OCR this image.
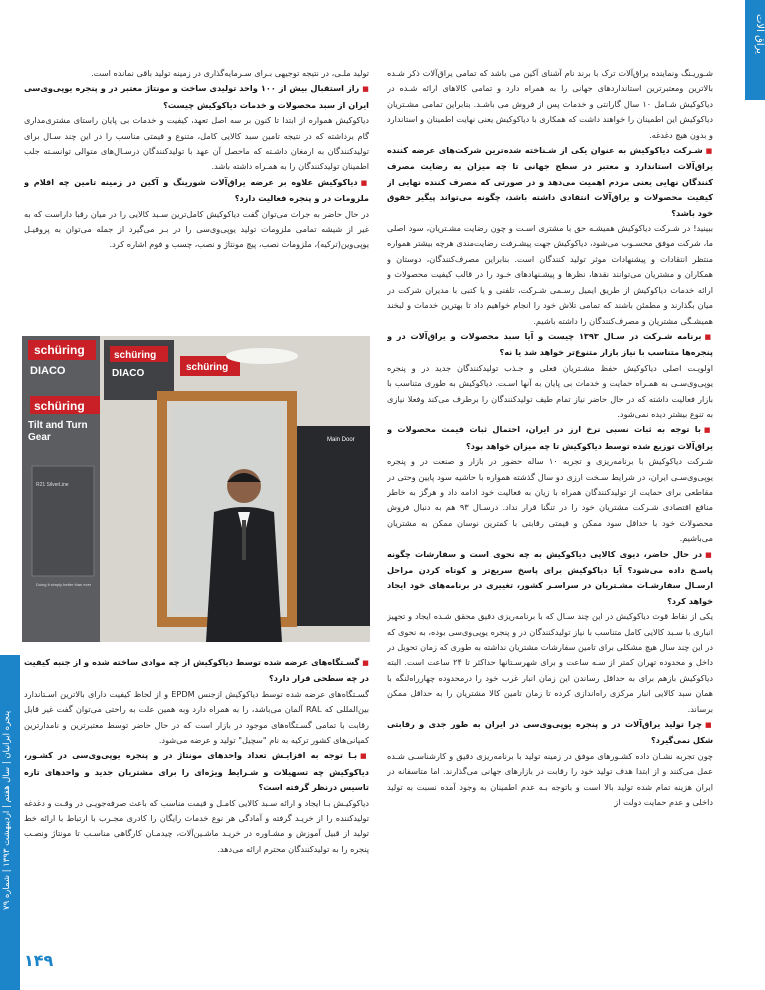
یراق آلات

شـوریـنگ ونماینده یراق‌آلات ترک با برند نام آشنای آکین می باشد که تمامی یراق‌آلات ذکر شـده بالاترین ومعتبرترین استانداردهای جهانی را به همراه دارد و تمامی کالاهای ارائه شـده در دیاکوکیش شـامل ۱۰ سال گارانتی و خدمات پس از فروش می باشـد. بنابراین تمامی مشـتریان دیاکوکیش این اطمینان را خواهند داشت که همکاری با دیاکوکیش یعنی نهایت اطمینان و استاندارد و بدون هیچ دغدغه.

■ شـرکت دیاکوکیش به عنوان یکی از شـناخته شده‌ترین شرکت‌های عرضه کننده یراق‌آلات استاندارد و معتبر در سطح جهانی تا چه میزان به رضایت مصرف کنندگان نهایی یعنی مردم اهمیت می‌دهد و در صورتی که مصرف کننده نهایی از کیفیت محصولات و یراق‌آلات انتقادی داشته باشد، چگونه می‌تواند پیگیر حقوق خود باشد؟

ببینید! در شـرکت دیاکوکیش همیشـه حق با مشتری اسـت و چون رضایت مشـتریان، سود اصلی ما، شرکت موفق محسـوب می‌شود، دیاکوکیش جهت پیشـرفت رضایت‌مندی هرچه بیشتر همواره منتظر انتقادات و پیشنهادات موثر تولید کنندگان است. بنابراین مصرف‌کنندگان، دوستان و همکاران و مشتریان می‌توانند نقدها، نظرها و پیشـنهادهای خـود را در قالب کیفیت محصولات و ارائه خدمات دیاکوکیش از طریق ایمیل رسـمی شـرکت، تلفنی و یا کتبی با مدیران شرکت در میان بگذارند و مطمئن باشند که تمامی تلاش خود را انجام خواهیم داد تا بهترین خدمات و لبخند همیشـگی مشتریان و مصرف‌کنندگان را داشته باشیم.

■ برنامه شـرکت در سـال ۱۳۹۳ چیست و آیا سبد محصولات و یراق‌آلات در و پنجره‌ها متناسب با نیاز بازار متنوع‌تر خواهد شد یا نه؟

اولویـت اصلی دیاکوکیش حفظ مشـتریان فعلی و جـذب تولیدکنندگان جدید در و پنجره یوپی‌وی‌سـی به همـراه حمایت و خدمات بی پایان به آنها اسـت. دیاکوکیش به طوری متناسب با بازار فعالیت داشته که در حال حاضر نیاز تمام طیف تولیدکنندگان را برطرف می‌کند وفعلا نیازی به تنوع بیشتر دیده نمی‌شود.

■ با توجه به ثبات نسبی نرخ ارز در ایران، احتمال ثبات قیمت محصولات و یراق‌آلات توزیع شده توسط دیاکوکیش تا چه میزان خواهد بود؟

شـرکت دیاکوکیش با برنامه‌ریزی و تجربه ۱۰ ساله حضور در بازار و صنعت در و پنجره یوپی‌وی‌سـی ایران، در شرایط سـخت ارزی دو سال گذشته همواره با حاشیه سود پایین وحتی در مقاطعی برای حمایت از تولیدکنندگان همراه با زیان به فعالیت خود ادامه داد و هرگز به خاطر منافع اقتصادی شـرکت مشتریان خود را در تنگنا قرار نداد. درسـال ۹۳ هم به دنبال فروش محصولات خود با حداقل سود ممکن و قیمتی رقابتی با کمترین نوسان ممکن به مشتریان می‌باشیم.

■ در حال حاضر، دیوی کالایی دیاکوکیش به چه نحوی است و سفارشات چگونه پاسـخ داده می‌شود؟ آیا دیاکوکیش برای پاسخ سریع‌تر و کوتاه کردن مراحل ارسـال سفارشـات مشـتریان در سراسـر کشور، تغییری در برنامه‌های خود ایجاد خواهد کرد؟

یکی از نقاط قوت دیاکوکیش در این چند سـال که با برنامه‌ریزی دقیق محقق شـده ایجاد و تجهیز انباری با سـبد کالایی کامل متناسب با نیاز تولیدکنندگان در و پنجره یوپی‌وی‌سی بوده، به نحوی که در این چند سال هیچ مشکلی برای تامین سفارشات مشتریان نداشته به طوری که زمان تحویل در داخل و محدوده تهران کمتر از سـه ساعت و برای شهرسـتانها حداکثر تا ۲۴ ساعت است. البته دیاکوکیش بازهم برای به حداقل رساندن این زمان انبار غرب خود را درمحدوده چهارراه‌لنگه با همان سبد کالایی انبار مرکزی راه‌اندازی کرده تا زمان تامین کالا مشتریان را به حداقل ممکن برساند.

■ چرا تولید یراق‌آلات در و پنجره یوپی‌وی‌سی در ایران به طور جدی و رقابتی شکل نمی‌گیرد؟

چون تجربه نشـان داده کشـورهای موفق در زمینه تولید با برنامه‌ریزی دقیق و کارشناسـی شـده عمل می‌کنند و از ابتدا هدف تولید خود را رقابت در بازارهای جهانی می‌گذارند. اما متاسفانه در ایران هزینه تمام شده تولید بالا است و باتوجه بـه عدم اطمینان به وجود آمده نسبت به تولید داخلی و عدم حمایت دولت از

تولید ملـی، در نتیجه توجیهی بـرای سـرمایه‌گذاری در زمینه تولید باقی نمانده است.

■ راز استقبال بیش از ۱۰۰ واحد تولیدی ساخت و مونتاژ معتبر در و پنجره یوپی‌وی‌سی ایران از سبد محصولات و خدمات دیاکوکیش چیست؟

دیاکوکیش همواره از ابتدا تا کنون بر سه اصل تعهد، کیفیت و خدمات بی پایان راستای مشتری‌مداری گام برداشته که در نتیجه تامین سبد کالایی کامل، متنوع و قیمتی مناسب را در این چند سـال برای تولیدکنندگان به ارمغان داشـته که ماحصل آن عهد با تولیدکنندگان درسـال‌های متوالی توانسـته جلب اطمینان تولیدکنندگان را به همـراه داشته باشد.

■ دیاکوکیش علاوه بر عرضه یراق‌آلات شورینگ و آکین در زمینه تامین چه اقلام و ملزومات در و پنجره فعالیت دارد؟

در حال حاضر به جرات می‌توان گفت دیاکوکیش کامل‌ترین سـبد کالایی را در میان رقبا داراست که به غیر از شیشه تمامی ملزومات تولید یوپی‌وی‌سی را در بـر می‌گیرد از جمله می‌توان به پروفیـل یوپی‌وین(ترکیه)، ملزومات نصب، پیچ مونتاژ و نصب، چسب و فوم اشاره کرد.

schüring
DIACO
schüring
DIACO
schüring
Tilt and Turn
Gear
R21 SilverLine
Doing it simply better than ever
Main Door
schüring

■ گسـتگاه‌های عرضه شده توسط دیاکوکیش از چه موادی ساخته شده و از جنبه کیفیت در چه سطحی قرار دارد؟

گسـتگاه‌های عرضه شده توسط دیاکوکیش ازجنس EPDM و از لحاظ کیفیت دارای بالاترین اسـتاندارد بین‌المللی که RAL آلمان می‌باشد، را به همراه دارد وبه همین علت به راحتی می‌توان گفت غیر قابل رقابت با تمامی گسـتگاه‌های موجود در بازار است که در حال حاضر توسط معتبرترین و نامدارترین کمپانی‌های کشور ترکیه به نام "سچیل" تولید و عرضه می‌شود.

■ بـا توجه به افزایـش تعداد واحدهای مونتاژ در و پنجره یوپی‌وی‌سی در کشـور، دیاکوکیش چه تسهیلات و شـرایط ویژه‌ای را برای مشتریان جدید و واحدهای تازه تاسیس درنظر گرفته است؟

دیاکوکیـش بـا ایجاد و ارائه سـبد کالایی کامـل و قیمت مناسب که باعث صرفه‌جویـی در وقـت و دغدغه تولیدکننده را از خریـد گرفته و آمادگی هر نوع خدمات رایگان را کادری مجـرب با ارتباط با ارائه خط تولید از قبیل آموزش و مشـاوره در خریـد ماشـین‌آلات، چیدمـان کارگاهی مناسـب تا مونتاژ ونصـب پنجره را به تولیدکنندگان محترم ارائه می‌دهد.

پنجره ایرانیان | سال هفتم | اردیبهشت ۱۳۹۳ | شماره ۷۹
۱۴۹
